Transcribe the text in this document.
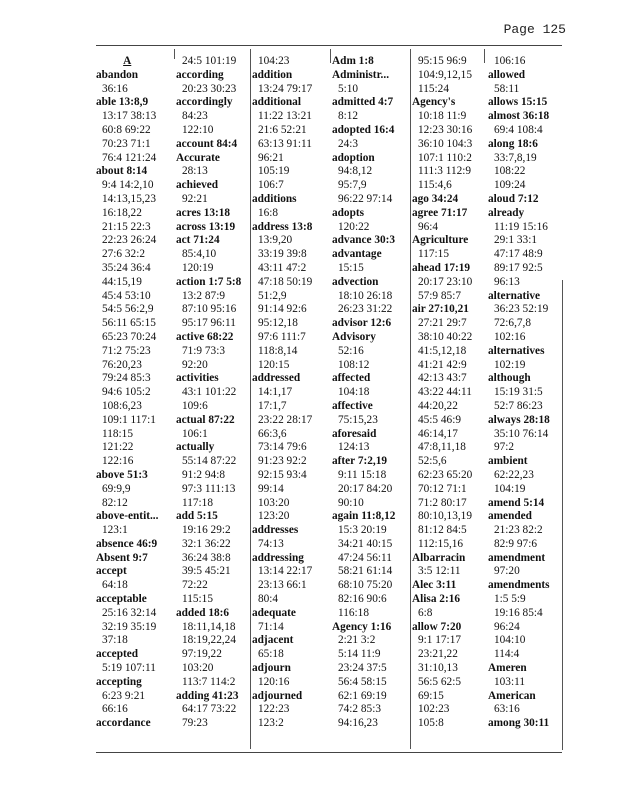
Page 125
A
abandon
36:16
able 13:8,9
13:17 38:13
60:8 69:22
70:23 71:1
76:4 121:24
about 8:14
9:4 14:2,10
14:13,15,23
16:18,22
21:15 22:3
22:23 26:24
27:6 32:2
35:24 36:4
44:15,19
45:4 53:10
54:5 56:2,9
56:11 65:15
65:23 70:24
71:2 75:23
76:20,23
79:24 85:3
94:6 105:2
108:6,23
109:1 117:1
118:15
121:22
122:16
above 51:3
69:9,9
82:12
above-entit...
123:1
absence 46:9
Absent 9:7
accept
64:18
acceptable
25:16 32:14
32:19 35:19
37:18
accepted
5:19 107:11
accepting
6:23 9:21
66:16
accordance
24:5 101:19
according
20:23 30:23
accordingly
84:23
122:10
account 84:4
Accurate
28:13
achieved
92:21
acres 13:18
across 13:19
act 71:24
85:4,10
120:19
action 1:7 5:8
13:2 87:9
87:10 95:16
95:17 96:11
active 68:22
71:9 73:3
92:20
activities
43:1 101:22
109:6
actual 87:22
106:1
actually
55:14 87:22
91:2 94:8
97:3 111:13
117:18
add 5:15
19:16 29:2
32:1 36:22
36:24 38:8
39:5 45:21
72:22
115:15
added 18:6
18:11,14,18
18:19,22,24
97:19,22
103:20
113:7 114:2
adding 41:23
64:17 73:22
79:23
104:23
addition
13:24 79:17
additional
11:22 13:21
21:6 52:21
63:13 91:11
96:21
105:19
106:7
additions
16:8
address 13:8
13:9,20
33:19 39:8
43:11 47:2
47:18 50:19
51:2,9
91:14 92:6
95:12,18
97:6 111:7
118:8,14
120:15
addressed
14:1,17
17:1,7
23:22 28:17
66:3,6
73:14 79:6
91:23 92:2
92:15 93:4
99:14
103:20
123:20
addresses
74:13
addressing
13:14 22:17
23:13 66:1
80:4
adequate
71:14
adjacent
65:18
adjourn
120:16
adjourned
122:23
123:2
Adm 1:8
Administr...
5:10
admitted 4:7
8:12
adopted 16:4
24:3
adoption
94:8,12
95:7,9
96:22 97:14
adopts
120:22
advance 30:3
advantage
15:15
advection
18:10 26:18
26:23 31:22
advisor 12:6
Advisory
52:16
108:12
affected
104:18
affective
75:15,23
aforesaid
124:13
after 7:2,19
9:11 15:18
20:17 84:20
90:10
again 11:8,12
15:3 20:19
34:21 40:15
47:24 56:11
58:21 61:14
68:10 75:20
82:16 90:6
116:18
Agency 1:16
2:21 3:2
5:14 11:9
23:24 37:5
56:4 58:15
62:1 69:19
74:2 85:3
94:16,23
95:15 96:9
104:9,12,15
115:24
Agency's
10:18 11:9
12:23 30:16
36:10 104:3
107:1 110:2
111:3 112:9
115:4,6
ago 34:24
agree 71:17
96:4
Agriculture
117:15
ahead 17:19
20:17 23:10
57:9 85:7
air 27:10,21
27:21 29:7
38:10 40:22
41:5,12,18
41:21 42:9
42:13 43:7
43:22 44:11
44:20,22
45:5 46:9
46:14,17
47:8,11,18
52:5,6
62:23 65:20
70:12 71:1
71:2 80:17
80:10,13,19
81:12 84:5
112:15,16
Albarracin
3:5 12:11
Alec 3:11
Alisa 2:16
6:8
allow 7:20
9:1 17:17
23:21,22
31:10,13
56:5 62:5
69:15
102:23
105:8
106:16
allowed
58:11
allows 15:15
almost 36:18
69:4 108:4
along 18:6
33:7,8,19
108:22
109:24
aloud 7:12
already
11:19 15:16
29:1 33:1
47:17 48:9
89:17 92:5
96:13
alternative
36:23 52:19
72:6,7,8
102:16
alternatives
102:19
although
15:19 31:5
52:7 86:23
always 28:18
35:10 76:14
97:2
ambient
62:22,23
104:19
amend 5:14
amended
21:23 82:2
82:9 97:6
amendment
97:20
amendments
1:5 5:9
19:16 85:4
96:24
104:10
114:4
Ameren
103:11
American
63:16
among 30:11
